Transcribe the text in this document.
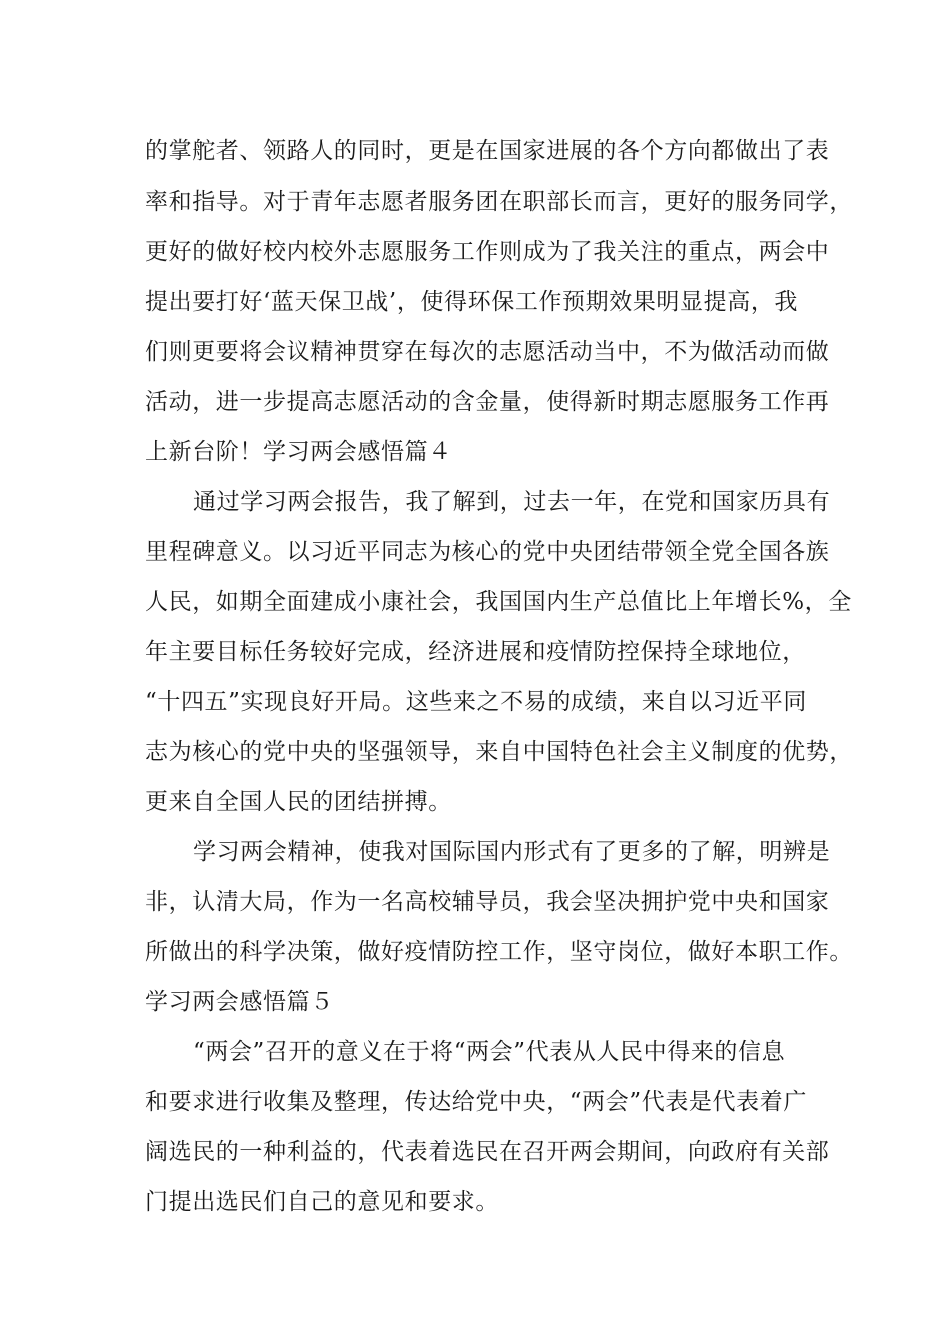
的掌舵者、领路人的同时，更是在国家进展的各个方向都做出了表
率和指导。对于青年志愿者服务团在职部长而言，更好的服务同学，
更好的做好校内校外志愿服务工作则成为了我关注的重点，两会中
提出要打好‘蓝天保卫战’，使得环保工作预期效果明显提高，我
们则更要将会议精神贯穿在每次的志愿活动当中，不为做活动而做
活动，进一步提高志愿活动的含金量，使得新时期志愿服务工作再
上新台阶！学习两会感悟篇４
通过学习两会报告，我了解到，过去一年，在党和国家历具有
里程碑意义。以习近平同志为核心的党中央团结带领全党全国各族
人民，如期全面建成小康社会，我国国内生产总值比上年增长%，全
年主要目标任务较好完成，经济进展和疫情防控保持全球地位，
“十四五”实现良好开局。这些来之不易的成绩，来自以习近平同
志为核心的党中央的坚强领导，来自中国特色社会主义制度的优势，
更来自全国人民的团结拼搏。
学习两会精神，使我对国际国内形式有了更多的了解，明辨是
非，认清大局，作为一名高校辅导员，我会坚决拥护党中央和国家
所做出的科学决策，做好疫情防控工作，坚守岗位，做好本职工作。
学习两会感悟篇５
“两会”召开的意义在于将“两会”代表从人民中得来的信息
和要求进行收集及整理，传达给党中央，“两会”代表是代表着广
阔选民的一种利益的，代表着选民在召开两会期间，向政府有关部
门提出选民们自己的意见和要求。
